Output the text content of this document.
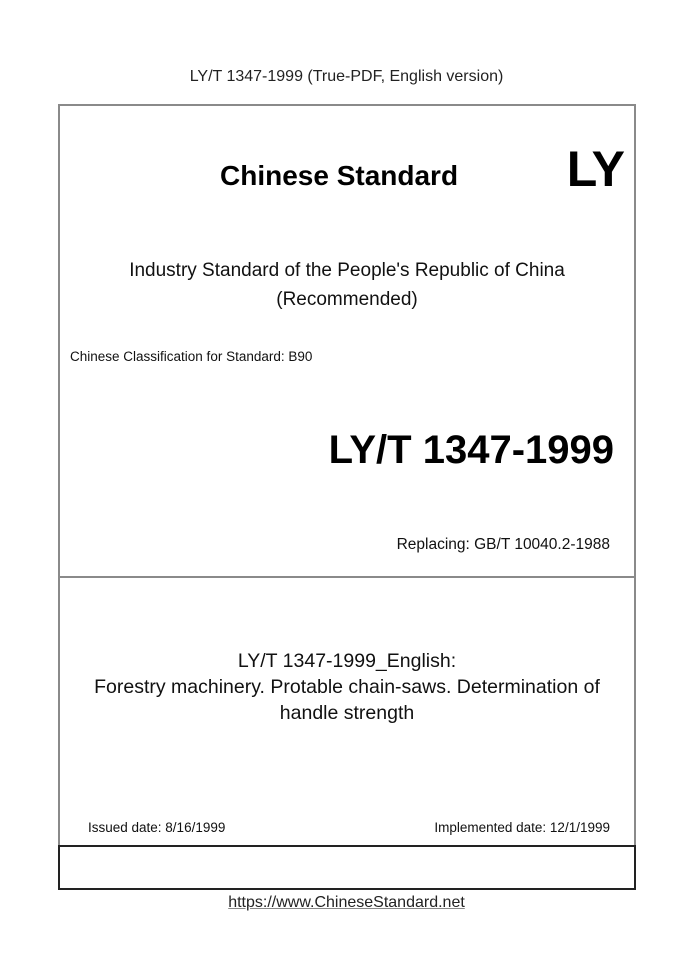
LY/T 1347-1999 (True-PDF, English version)
Chinese Standard LY
Industry Standard of the People's Republic of China
(Recommended)
Chinese Classification for Standard: B90
LY/T 1347-1999
Replacing: GB/T 10040.2-1988
LY/T 1347-1999_English:
Forestry machinery. Protable chain-saws. Determination of
handle strength
Issued date: 8/16/1999	Implemented date: 12/1/1999
https://www.ChineseStandard.net
